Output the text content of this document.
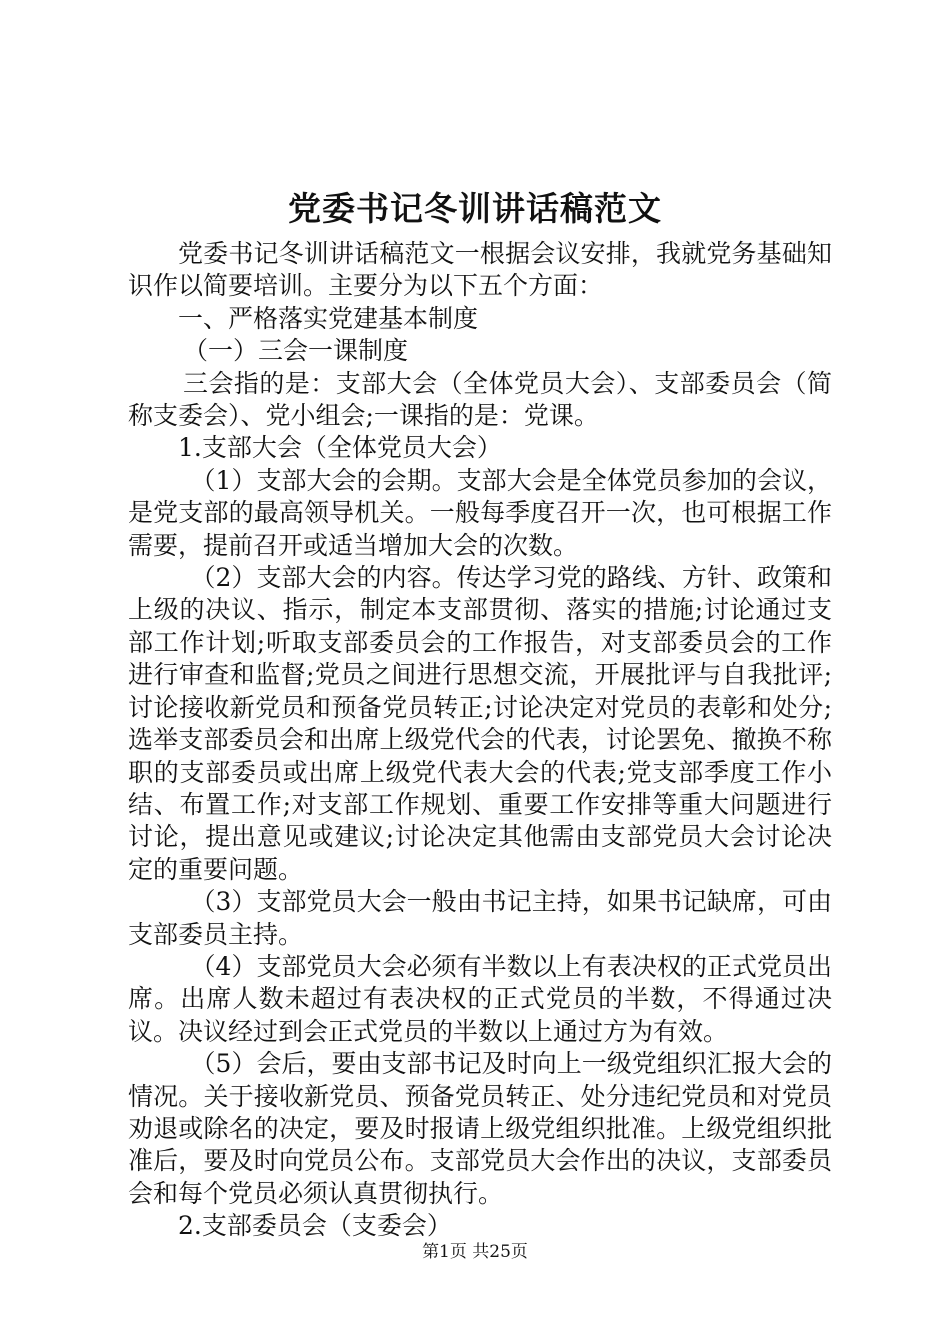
党委书记冬训讲话稿范文

党委书记冬训讲话稿范文一根据会议安排，我就党务基础知识作以简要培训。主要分为以下五个方面：

一、严格落实党建基本制度

（一）三会一课制度

三会指的是：支部大会（全体党员大会）、支部委员会（简称支委会）、党小组会;一课指的是：党课。

1.支部大会（全体党员大会）

（1）支部大会的会期。支部大会是全体党员参加的会议，是党支部的最高领导机关。一般每季度召开一次，也可根据工作需要，提前召开或适当增加大会的次数。

（2）支部大会的内容。传达学习党的路线、方针、政策和上级的决议、指示，制定本支部贯彻、落实的措施;讨论通过支部工作计划;听取支部委员会的工作报告，对支部委员会的工作进行审查和监督;党员之间进行思想交流，开展批评与自我批评;讨论接收新党员和预备党员转正;讨论决定对党员的表彰和处分;选举支部委员会和出席上级党代会的代表，讨论罢免、撤换不称职的支部委员或出席上级党代表大会的代表;党支部季度工作小结、布置工作;对支部工作规划、重要工作安排等重大问题进行讨论，提出意见或建议;讨论决定其他需由支部党员大会讨论决定的重要问题。

（3）支部党员大会一般由书记主持，如果书记缺席，可由支部委员主持。

（4）支部党员大会必须有半数以上有表决权的正式党员出席。出席人数未超过有表决权的正式党员的半数，不得通过决议。决议经过到会正式党员的半数以上通过方为有效。

（5）会后，要由支部书记及时向上一级党组织汇报大会的情况。关于接收新党员、预备党员转正、处分违纪党员和对党员劝退或除名的决定，要及时报请上级党组织批准。上级党组织批准后，要及时向党员公布。支部党员大会作出的决议，支部委员会和每个党员必须认真贯彻执行。

2.支部委员会（支委会）

第1页 共25页
